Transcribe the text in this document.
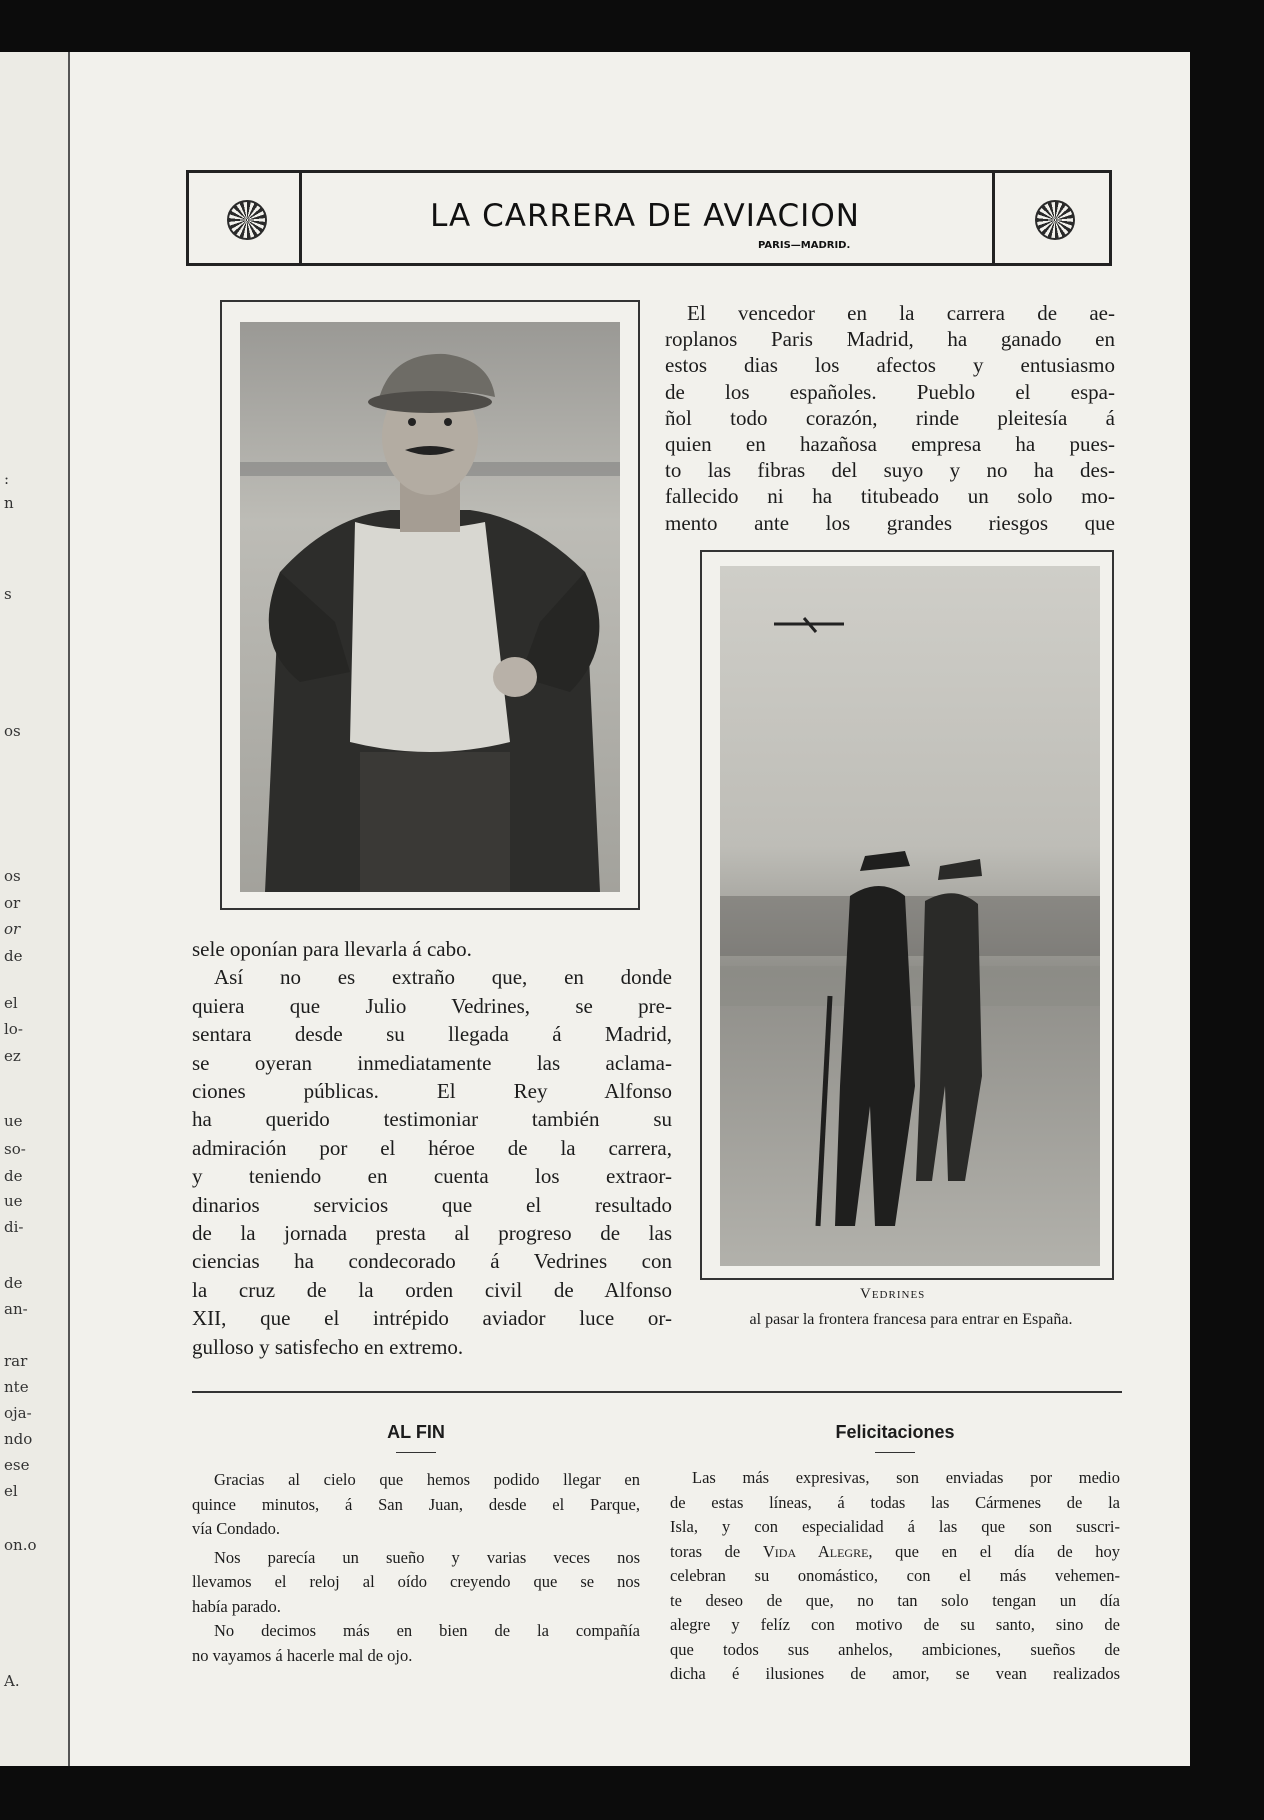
:
n
s
os
os
or
or
de
el
lo-
ez
ue
so-
de
ue
di-
de
an-
rar
nte
oja-
ndo
ese
el
on.o
A.
LA CARRERA DE AVIACION
PARIS—MADRID.

El vencedor en la carrera de ae-

roplanos Paris Madrid, ha ganado en

estos dias los afectos y entusiasmo

de los españoles. Pueblo el espa-

ñol todo corazón, rinde pleitesía á

quien en hazañosa empresa ha pues-

to las fibras del suyo y no ha des-

fallecido ni ha titubeado un solo mo-

mento ante los grandes riesgos que

sele oponían para llevarla á cabo.

Así no es extraño que, en donde

quiera que Julio Vedrines, se pre-

sentara desde su llegada á Madrid,

se oyeran inmediatamente las aclama-

ciones públicas. El Rey Alfonso

ha querido testimoniar también su

admiración por el héroe de la carrera,

y teniendo en cuenta los extraor-

dinarios servicios que el resultado

de la jornada presta al progreso de las

ciencias ha condecorado á Vedrines con

la cruz de la orden civil de Alfonso

XII, que el intrépido aviador luce or-

gulloso y satisfecho en extremo.

Vedrines
al pasar la frontera francesa para entrar en España.
AL FIN

Gracias al cielo que hemos podido llegar en

quince minutos, á San Juan, desde el Parque,

vía Condado.

Nos parecía un sueño y varias veces nos

llevamos el reloj al oído creyendo que se nos

había parado.

No decimos más en bien de la compañía

no vayamos á hacerle mal de ojo.

Felicitaciones

Las más expresivas, son enviadas por medio

de estas líneas, á todas las Cármenes de la

Isla, y con especialidad á las que son suscri-

toras de Vida Alegre, que en el día de hoy

celebran su onomástico, con el más vehemen-

te deseo de que, no tan solo tengan un día

alegre y felíz con motivo de su santo, sino de

que todos sus anhelos, ambiciones, sueños de

dicha é ilusiones de amor, se vean realizados
